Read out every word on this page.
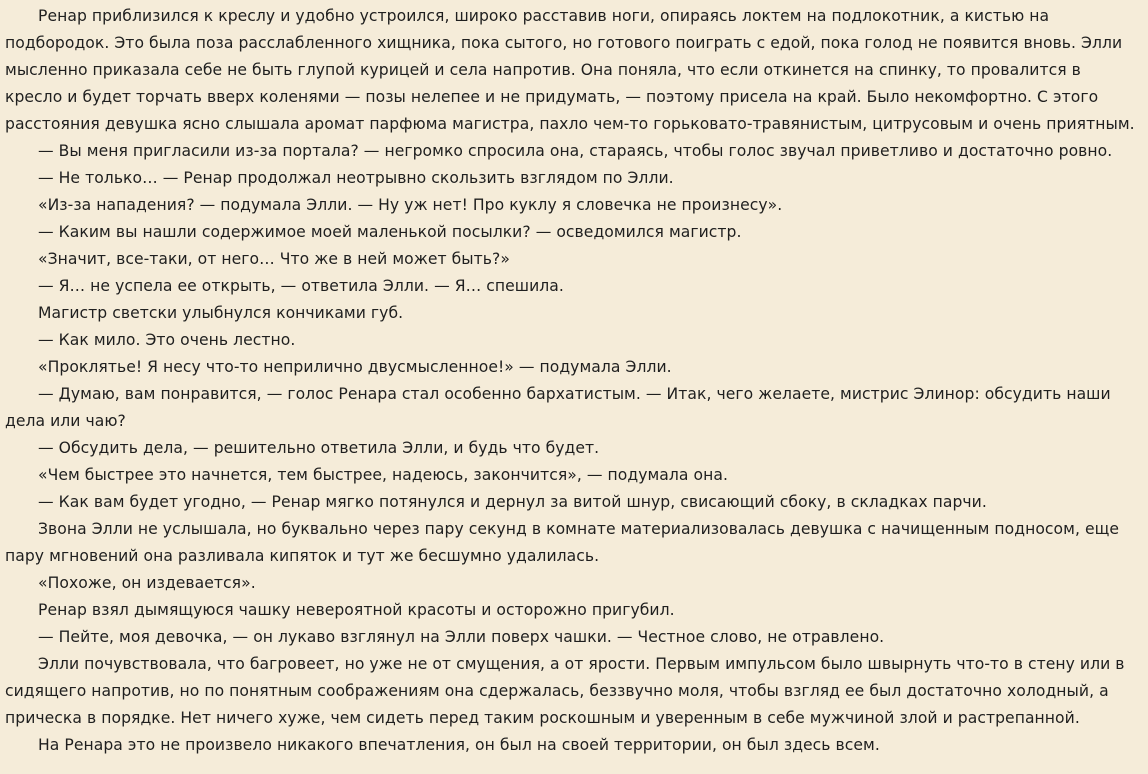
Ренар приблизился к креслу и удобно устроился, широко расставив ноги, опираясь локтем на подлокотник, а кистью на подбородок. Это была поза расслабленного хищника, пока сытого, но готового поиграть с едой, пока голод не появится вновь. Элли мысленно приказала себе не быть глупой курицей и села напротив. Она поняла, что если откинется на спинку, то провалится в кресло и будет торчать вверх коленями — позы нелепее и не придумать, — поэтому присела на край. Было некомфортно. С этого расстояния девушка ясно слышала аромат парфюма магистра, пахло чем-то горьковато-травянистым, цитрусовым и очень приятным.

— Вы меня пригласили из-за портала? — негромко спросила она, стараясь, чтобы голос звучал приветливо и достаточно ровно.

— Не только… — Ренар продолжал неотрывно скользить взглядом по Элли.

«Из-за нападения? — подумала Элли. — Ну уж нет! Про куклу я словечка не произнесу».

— Каким вы нашли содержимое моей маленькой посылки? — осведомился магистр.

«Значит, все-таки, от него… Что же в ней может быть?»

— Я… не успела ее открыть, — ответила Элли. — Я… спешила.

Магистр светски улыбнулся кончиками губ.

— Как мило. Это очень лестно.

«Проклятье! Я несу что-то неприлично двусмысленное!» — подумала Элли.

— Думаю, вам понравится, — голос Ренара стал особенно бархатистым. — Итак, чего желаете, мистрис Элинор: обсудить наши дела или чаю?

— Обсудить дела, — решительно ответила Элли, и будь что будет.

«Чем быстрее это начнется, тем быстрее, надеюсь, закончится», — подумала она.

— Как вам будет угодно, — Ренар мягко потянулся и дернул за витой шнур, свисающий сбоку, в складках парчи.

Звона Элли не услышала, но буквально через пару секунд в комнате материализовалась девушка с начищенным подносом, еще пару мгновений она разливала кипяток и тут же бесшумно удалилась.

«Похоже, он издевается».

Ренар взял дымящуюся чашку невероятной красоты и осторожно пригубил.

— Пейте, моя девочка, — он лукаво взглянул на Элли поверх чашки. — Честное слово, не отравлено.

Элли почувствовала, что багровеет, но уже не от смущения, а от ярости. Первым импульсом было швырнуть что-то в стену или в сидящего напротив, но по понятным соображениям она сдержалась, беззвучно моля, чтобы взгляд ее был достаточно холодный, а прическа в порядке. Нет ничего хуже, чем сидеть перед таким роскошным и уверенным в себе мужчиной злой и растрепанной.

На Ренара это не произвело никакого впечатления, он был на своей территории, он был здесь всем.
